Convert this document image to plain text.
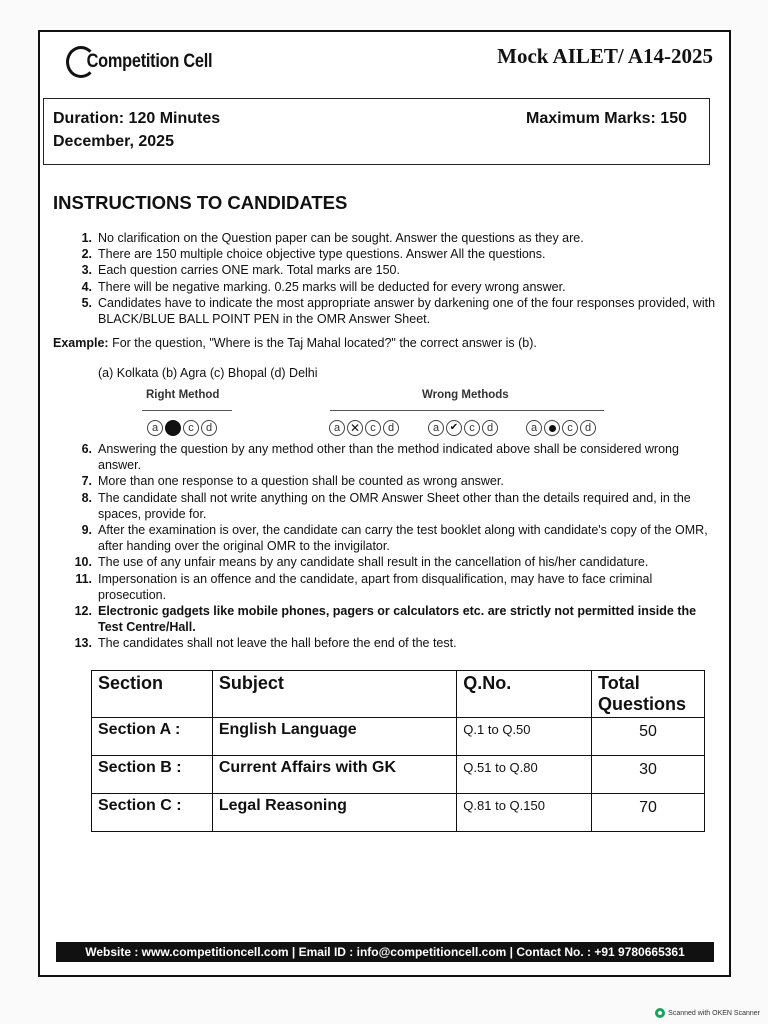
Competition Cell	Mock AILET/ A14-2025
Duration: 120 Minutes
December, 2025
Maximum Marks: 150
INSTRUCTIONS TO CANDIDATES
1. No clarification on the Question paper can be sought. Answer the questions as they are.
2. There are 150 multiple choice objective type questions. Answer All the questions.
3. Each question carries ONE mark. Total marks are 150.
4. There will be negative marking. 0.25 marks will be deducted for every wrong answer.
5. Candidates have to indicate the most appropriate answer by darkening one of the four responses provided, with BLACK/BLUE BALL POINT PEN in the OMR Answer Sheet.
Example: For the question, "Where is the Taj Mahal located?" the correct answer is (b).
(a) Kolkata (b) Agra (c) Bhopal (d) Delhi
Right Method	Wrong Methods
a	c	d	a ✕	c	d	a ✔	c	d	a	c	d
6. Answering the question by any method other than the method indicated above shall be considered wrong answer.
7. More than one response to a question shall be counted as wrong answer.
8. The candidate shall not write anything on the OMR Answer Sheet other than the details required and, in the spaces, provide for.
9. After the examination is over, the candidate can carry the test booklet along with candidate's copy of the OMR, after handing over the original OMR to the invigilator.
10. The use of any unfair means by any candidate shall result in the cancellation of his/her candidature.
11. Impersonation is an offence and the candidate, apart from disqualification, may have to face criminal prosecution.
12. Electronic gadgets like mobile phones, pagers or calculators etc. are strictly not permitted inside the Test Centre/Hall.
13. The candidates shall not leave the hall before the end of the test.
Section	Subject	Q.No.	Total Questions
Section A :	English Language	Q.1 to Q.50	50
Section B :	Current Affairs with GK	Q.51 to Q.80	30
Section C :	Legal Reasoning	Q.81 to Q.150	70
Website : www.competitioncell.com | Email ID : info@competitioncell.com | Contact No. : +91 9780665361
Scanned with OKEN Scanner
